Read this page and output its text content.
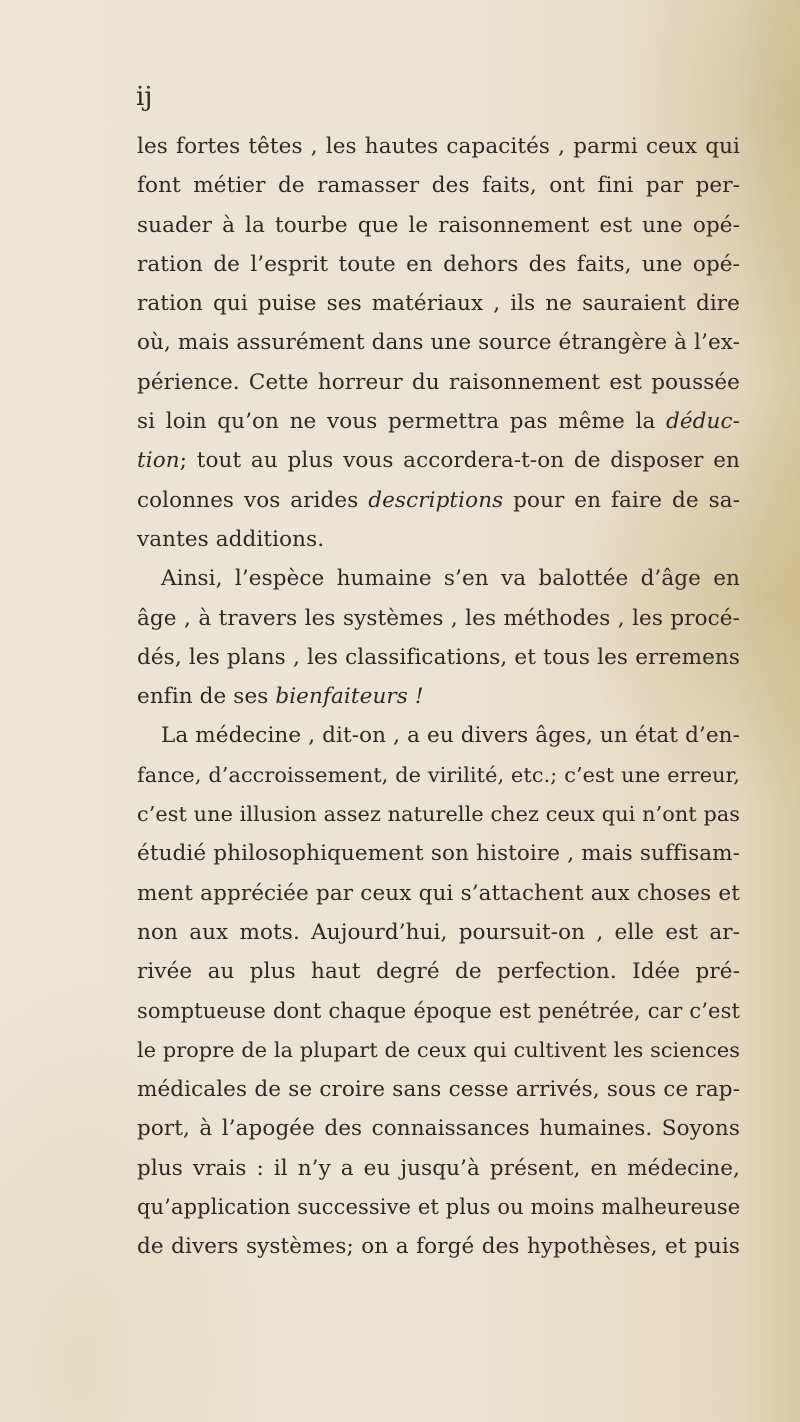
ij
les fortes têtes , les hautes capacités , parmi ceux qui
font métier de ramasser des faits, ont fini par per-
suader à la tourbe que le raisonnement est une opé-
ration de l’esprit toute en dehors des faits, une opé-
ration qui puise ses matériaux , ils ne sauraient dire
où, mais assurément dans une source étrangère à l’ex-
périence. Cette horreur du raisonnement est poussée
si loin qu’on ne vous permettra pas même la déduc-
tion; tout au plus vous accordera-t-on de disposer en
colonnes vos arides descriptions pour en faire de sa-
vantes additions.
Ainsi, l’espèce humaine s’en va balottée d’âge en
âge , à travers les systèmes , les méthodes , les procé-
dés, les plans , les classifications, et tous les erremens
enfin de ses bienfaiteurs !
La médecine , dit-on , a eu divers âges, un état d’en-
fance, d’accroissement, de virilité, etc.; c’est une erreur,
c’est une illusion assez naturelle chez ceux qui n’ont pas
étudié philosophiquement son histoire , mais suffisam-
ment appréciée par ceux qui s’attachent aux choses et
non aux mots. Aujourd’hui, poursuit-on , elle est ar-
rivée au plus haut degré de perfection. Idée pré-
somptueuse dont chaque époque est penétrée, car c’est
le propre de la plupart de ceux qui cultivent les sciences
médicales de se croire sans cesse arrivés, sous ce rap-
port, à l’apogée des connaissances humaines. Soyons
plus vrais : il n’y a eu jusqu’à présent, en médecine,
qu’application successive et plus ou moins malheureuse
de divers systèmes; on a forgé des hypothèses, et puis
